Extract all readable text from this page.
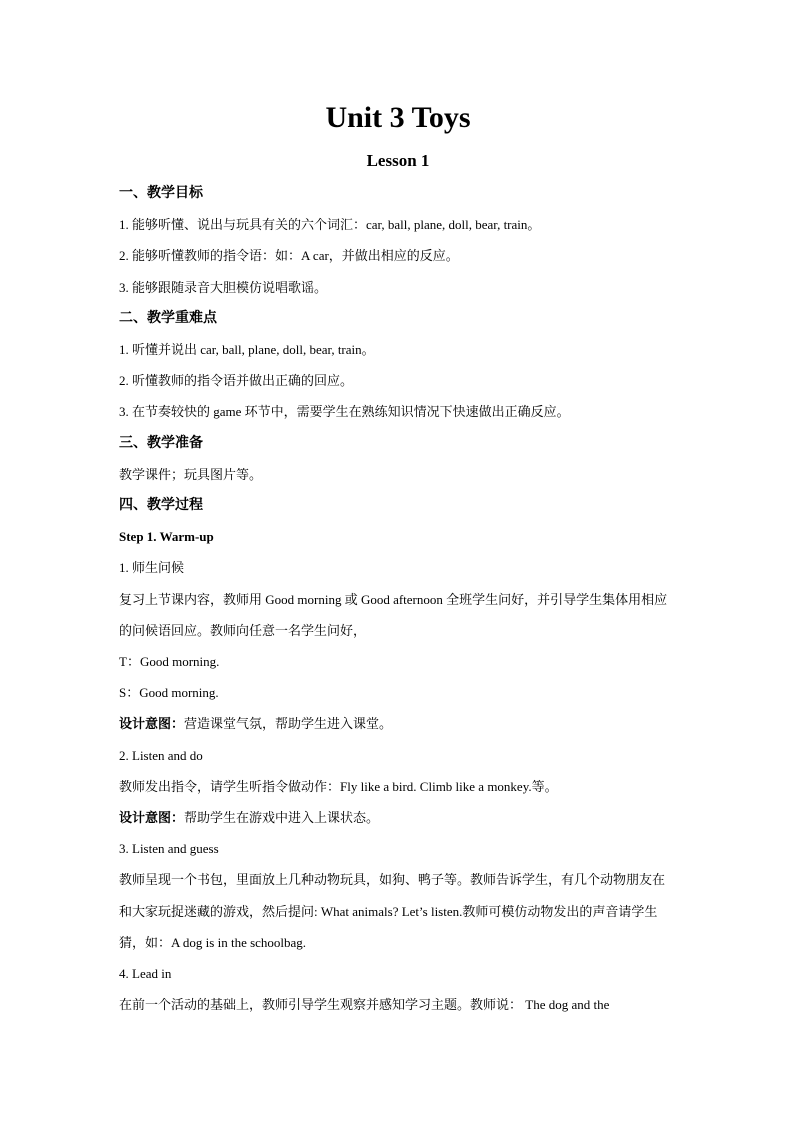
Unit 3 Toys
Lesson 1

一、教学目标

1. 能够听懂、说出与玩具有关的六个词汇：car, ball, plane, doll, bear, train。

2. 能够听懂教师的指令语：如：A car，并做出相应的反应。

3. 能够跟随录音大胆模仿说唱歌谣。

二、教学重难点

1. 听懂并说出 car, ball, plane, doll, bear, train。

2. 听懂教师的指令语并做出正确的回应。

3. 在节奏较快的 game 环节中，需要学生在熟练知识情况下快速做出正确反应。

三、教学准备

教学课件；玩具图片等。

四、教学过程

Step 1. Warm-up

1. 师生问候

复习上节课内容，教师用 Good morning 或 Good afternoon 全班学生问好，并引导学生集体用相应的问候语回应。教师向任意一名学生问好，

T：Good morning.

S：Good morning.

设计意图：营造课堂气氛，帮助学生进入课堂。

2. Listen and do

教师发出指令，请学生听指令做动作：Fly like a bird. Climb like a monkey.等。

设计意图：帮助学生在游戏中进入上课状态。

3. Listen and guess

教师呈现一个书包，里面放上几种动物玩具，如狗、鸭子等。教师告诉学生，有几个动物朋友在和大家玩捉迷藏的游戏，然后提问: What animals? Let’s listen.教师可模仿动物发出的声音请学生猜，如：A dog is in the schoolbag.

4. Lead in

在前一个活动的基础上，教师引导学生观察并感知学习主题。教师说： The dog and the
